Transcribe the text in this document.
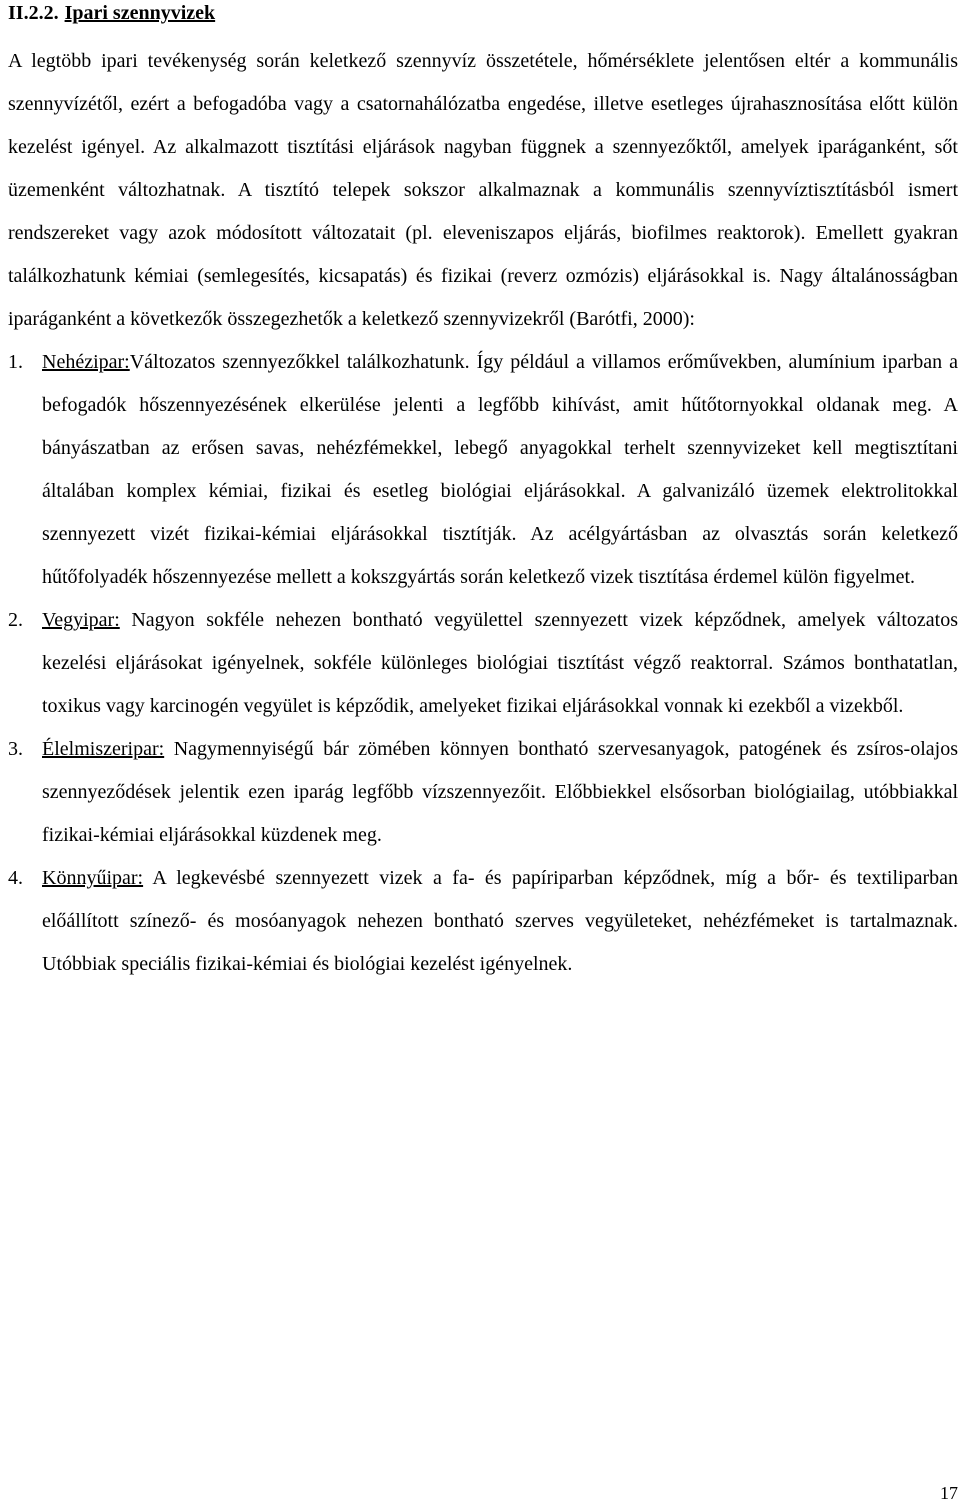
II.2.2. Ipari szennyvizek

A legtöbb ipari tevékenység során keletkező szennyvíz összetétele, hőmérséklete jelentősen eltér a kommunális szennyvízétől, ezért a befogadóba vagy a csatornahálózatba engedése, illetve esetleges újrahasznosítása előtt külön kezelést igényel. Az alkalmazott tisztítási eljárások nagyban függnek a szennyezőktől, amelyek iparáganként, sőt üzemenként változhatnak. A tisztító telepek sokszor alkalmaznak a kommunális szennyvíztisztításból ismert rendszereket vagy azok módosított változatait (pl. eleveniszapos eljárás, biofilmes reaktorok). Emellett gyakran találkozhatunk kémiai (semlegesítés, kicsapatás) és fizikai (reverz ozmózis) eljárásokkal is. Nagy általánosságban iparáganként a következők összegezhetők a keletkező szennyvizekről (Barótfi, 2000):

1. Nehézipar:Változatos szennyezőkkel találkozhatunk. Így például a villamos erőművekben, alumínium iparban a befogadók hőszennyezésének elkerülése jelenti a legfőbb kihívást, amit hűtőtornyokkal oldanak meg. A bányászatban az erősen savas, nehézfémekkel, lebegő anyagokkal terhelt szennyvizeket kell megtisztítani általában komplex kémiai, fizikai és esetleg biológiai eljárásokkal. A galvanizáló üzemek elektrolitokkal szennyezett vizét fizikai-kémiai eljárásokkal tisztítják. Az acélgyártásban az olvasztás során keletkező hűtőfolyadék hőszennyezése mellett a kokszgyártás során keletkező vizek tisztítása érdemel külön figyelmet.
2. Vegyipar: Nagyon sokféle nehezen bontható vegyülettel szennyezett vizek képződnek, amelyek változatos kezelési eljárásokat igényelnek, sokféle különleges biológiai tisztítást végző reaktorral. Számos bonthatatlan, toxikus vagy karcinogén vegyület is képződik, amelyeket fizikai eljárásokkal vonnak ki ezekből a vizekből.
3. Élelmiszeripar: Nagymennyiségű bár zömében könnyen bontható szervesanyagok, patogének és zsíros-olajos szennyeződések jelentik ezen iparág legfőbb vízszennyezőit. Előbbiekkel elsősorban biológiailag, utóbbiakkal fizikai-kémiai eljárásokkal küzdenek meg.
4. Könnyűipar: A legkevésbé szennyezett vizek a fa- és papíriparban képződnek, míg a bőr- és textiliparban előállított színező- és mosóanyagok nehezen bontható szerves vegyületeket, nehézfémeket is tartalmaznak. Utóbbiak speciális fizikai-kémiai és biológiai kezelést igényelnek.
17
